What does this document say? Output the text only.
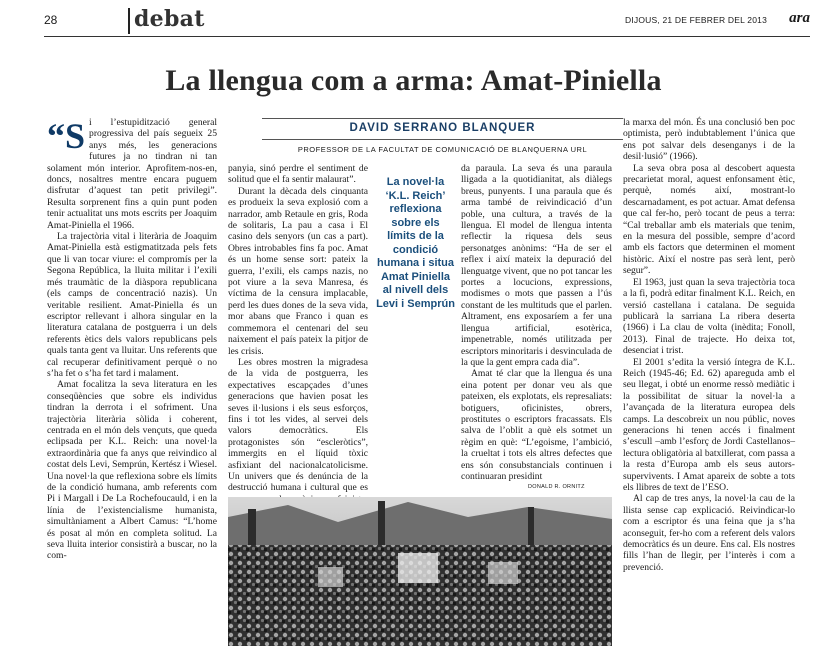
28	debat	DIJOUS, 21 DE FEBRER DEL 2013 ara
La llengua com a arma: Amat-Piniella
DAVID SERRANO BLANQUER
PROFESSOR DE LA FACULTAT DE COMUNICACIÓ DE BLANQUERNA URL
“S i l’estupidització general progressiva del país segueix 25 anys més, les generacions futures ja no tindran ni tan solament món interior. Aprofitem-nos-en, doncs, nosaltres mentre encara puguem disfrutar d’aquest tan petit privilegi”. Resulta sorprenent fins a quin punt poden tenir actualitat uns mots escrits per Joaquim Amat-Piniella el 1966.

La trajectòria vital i literària de Joaquim Amat-Piniella està estigmatitzada pels fets que li van tocar viure: el compromís per la Segona República, la lluita militar i l’exili més traumàtic de la diàspora republicana (els camps de concentració nazis). Un veritable resilient. Amat-Piniella és un escriptor rellevant i alhora singular en la literatura catalana de postguerra i un dels referents ètics dels valors republicans pels quals tanta gent va lluitar. Uns referents que cal recuperar definitivament perquè o no s’ha fet o s’ha fet tard i malament.

Amat focalitza la seva literatura en les conseqüències que sobre els individus tindran la derrota i el sofriment. Una trajectòria literària sòlida i coherent, centrada en el món dels vençuts, que queda eclipsada per K.L. Reich: una novel·la extraordinària que fa anys que reivindico al costat dels Levi, Semprún, Kertész i Wiesel. Una novel·la que reflexiona sobre els límits de la condició humana, amb referents com Pi i Margall i De La Rochefoucauld, i en la línia de l’existencialisme humanista, simultàniament a Albert Camus: “L’home és posat al món en completa solitud. La seva lluita interior consistirà a buscar, no la com-

panyia, sinó perdre el sentiment de solitud que el fa sentir malaurat”.

Durant la dècada dels cinquanta es produeix la seva explosió com a narrador, amb Retaule en gris, Roda de solitaris, La pau a casa i El casino dels senyors (un cas a part). Obres introbables fins fa poc. Amat és un home sense sort: pateix la guerra, l’exili, els camps nazis, no pot viure a la seva Manresa, és víctima de la censura implacable, perd les dues dones de la seva vida, mor abans que Franco i quan es commemora el centenari del seu naixement el país pateix la pitjor de les crisis.

Les obres mostren la migradesa de la vida de postguerra, les expectatives escapçades d’unes generacions que havien posat les seves il·lusions i els seus esforços, fins i tot les vides, al servei dels valors democràtics. Els protagonistes són “escleròtics”, immergits en el líquid tòxic asfixiant del nacionalcatolicisme. Un univers que és denúncia de la destrucció humana i cultural que es

La novel·la ‘K.L. Reich’ reflexiona sobre els límits de la condició humana i situa Amat Piniella al nivell dels Levi i Semprún

da paraula. La seva és una paraula lligada a la quotidianitat, als diàlegs breus, punyents. I una paraula que és arma també de reivindicació d’un poble, una cultura, a través de la llengua. El model de llengua intenta reflectir la riquesa dels seus personatges anònims: “Ha de ser el reflex i així mateix la depuració del llenguatge vivent, que no pot tancar les portes a locucions, expressions, modismes o mots que passen a l’ús constant de les multituds que el parlen. Altrament, ens exposaríem a fer una llengua artificial, esotèrica, impenetrable, només utilitzada per escriptors minoritaris i desvinculada de la que la gent empra cada dia”.

Amat té clar que la llengua és una eina potent per donar veu als que pateixen, els explotats, els represaliats: botiguers, oficinistes, obrers, prostitutes o escriptors fracassats. Els salva de l’oblit a què els sotmet un règim en què: “L’egoisme, l’ambició, la crueltat i tots els altres defectes que ens són consubstancials continuen i continuaran presidint

la marxa del món. És una conclusió ben poc optimista, però indubtablement l’única que ens pot salvar dels desenganys i de la desil·lusió” (1966).

La seva obra posa al descobert aquesta precarietat moral, aquest enfonsament ètic, perquè, només així, mostrant-lo descarnadament, es pot actuar. Amat defensa que cal fer-ho, però tocant de peus a terra: “Cal treballar amb els materials que tenim, en la mesura del possible, sempre d’acord amb els factors que determinen el moment històric. Així el nostre pas serà lent, però segur”.

El 1963, just quan la seva trajectòria toca a la fi, podrà editar finalment K.L. Reich, en versió castellana i catalana. De seguida publicarà la sarriana La ribera deserta (1966) i La clau de volta (inèdita; Fonoll, 2013). Final de trajecte. Ho deixa tot, desenciat i trist.

El 2001 s’edita la versió íntegra de K.L. Reich (1945-46; Ed. 62) apareguda amb el seu llegat, i obté un enorme ressò mediàtic i la possibilitat de situar la novel·la a l’avançada de la literatura europea dels camps. La descobreix un nou públic, noves generacions hi tenen accés i finalment s’escull –amb l’esforç de Jordi Castellanos– lectura obligatòria al batxillerat, com passa a la resta d’Europa amb els seus autors-supervivents. I Amat apareix de sobte a tots els llibres de text de l’ESO.

Al cap de tres anys, la novel·la cau de la llista sense cap explicació. Reivindicar-lo com a escriptor és una feina que ja s’ha aconseguit, fer-ho com a referent dels valors democràtics és un deure. Ens cal. Els nostres fills l’han de llegir, per l’interès i com a prevenció.

DONALD R. ORNITZ
